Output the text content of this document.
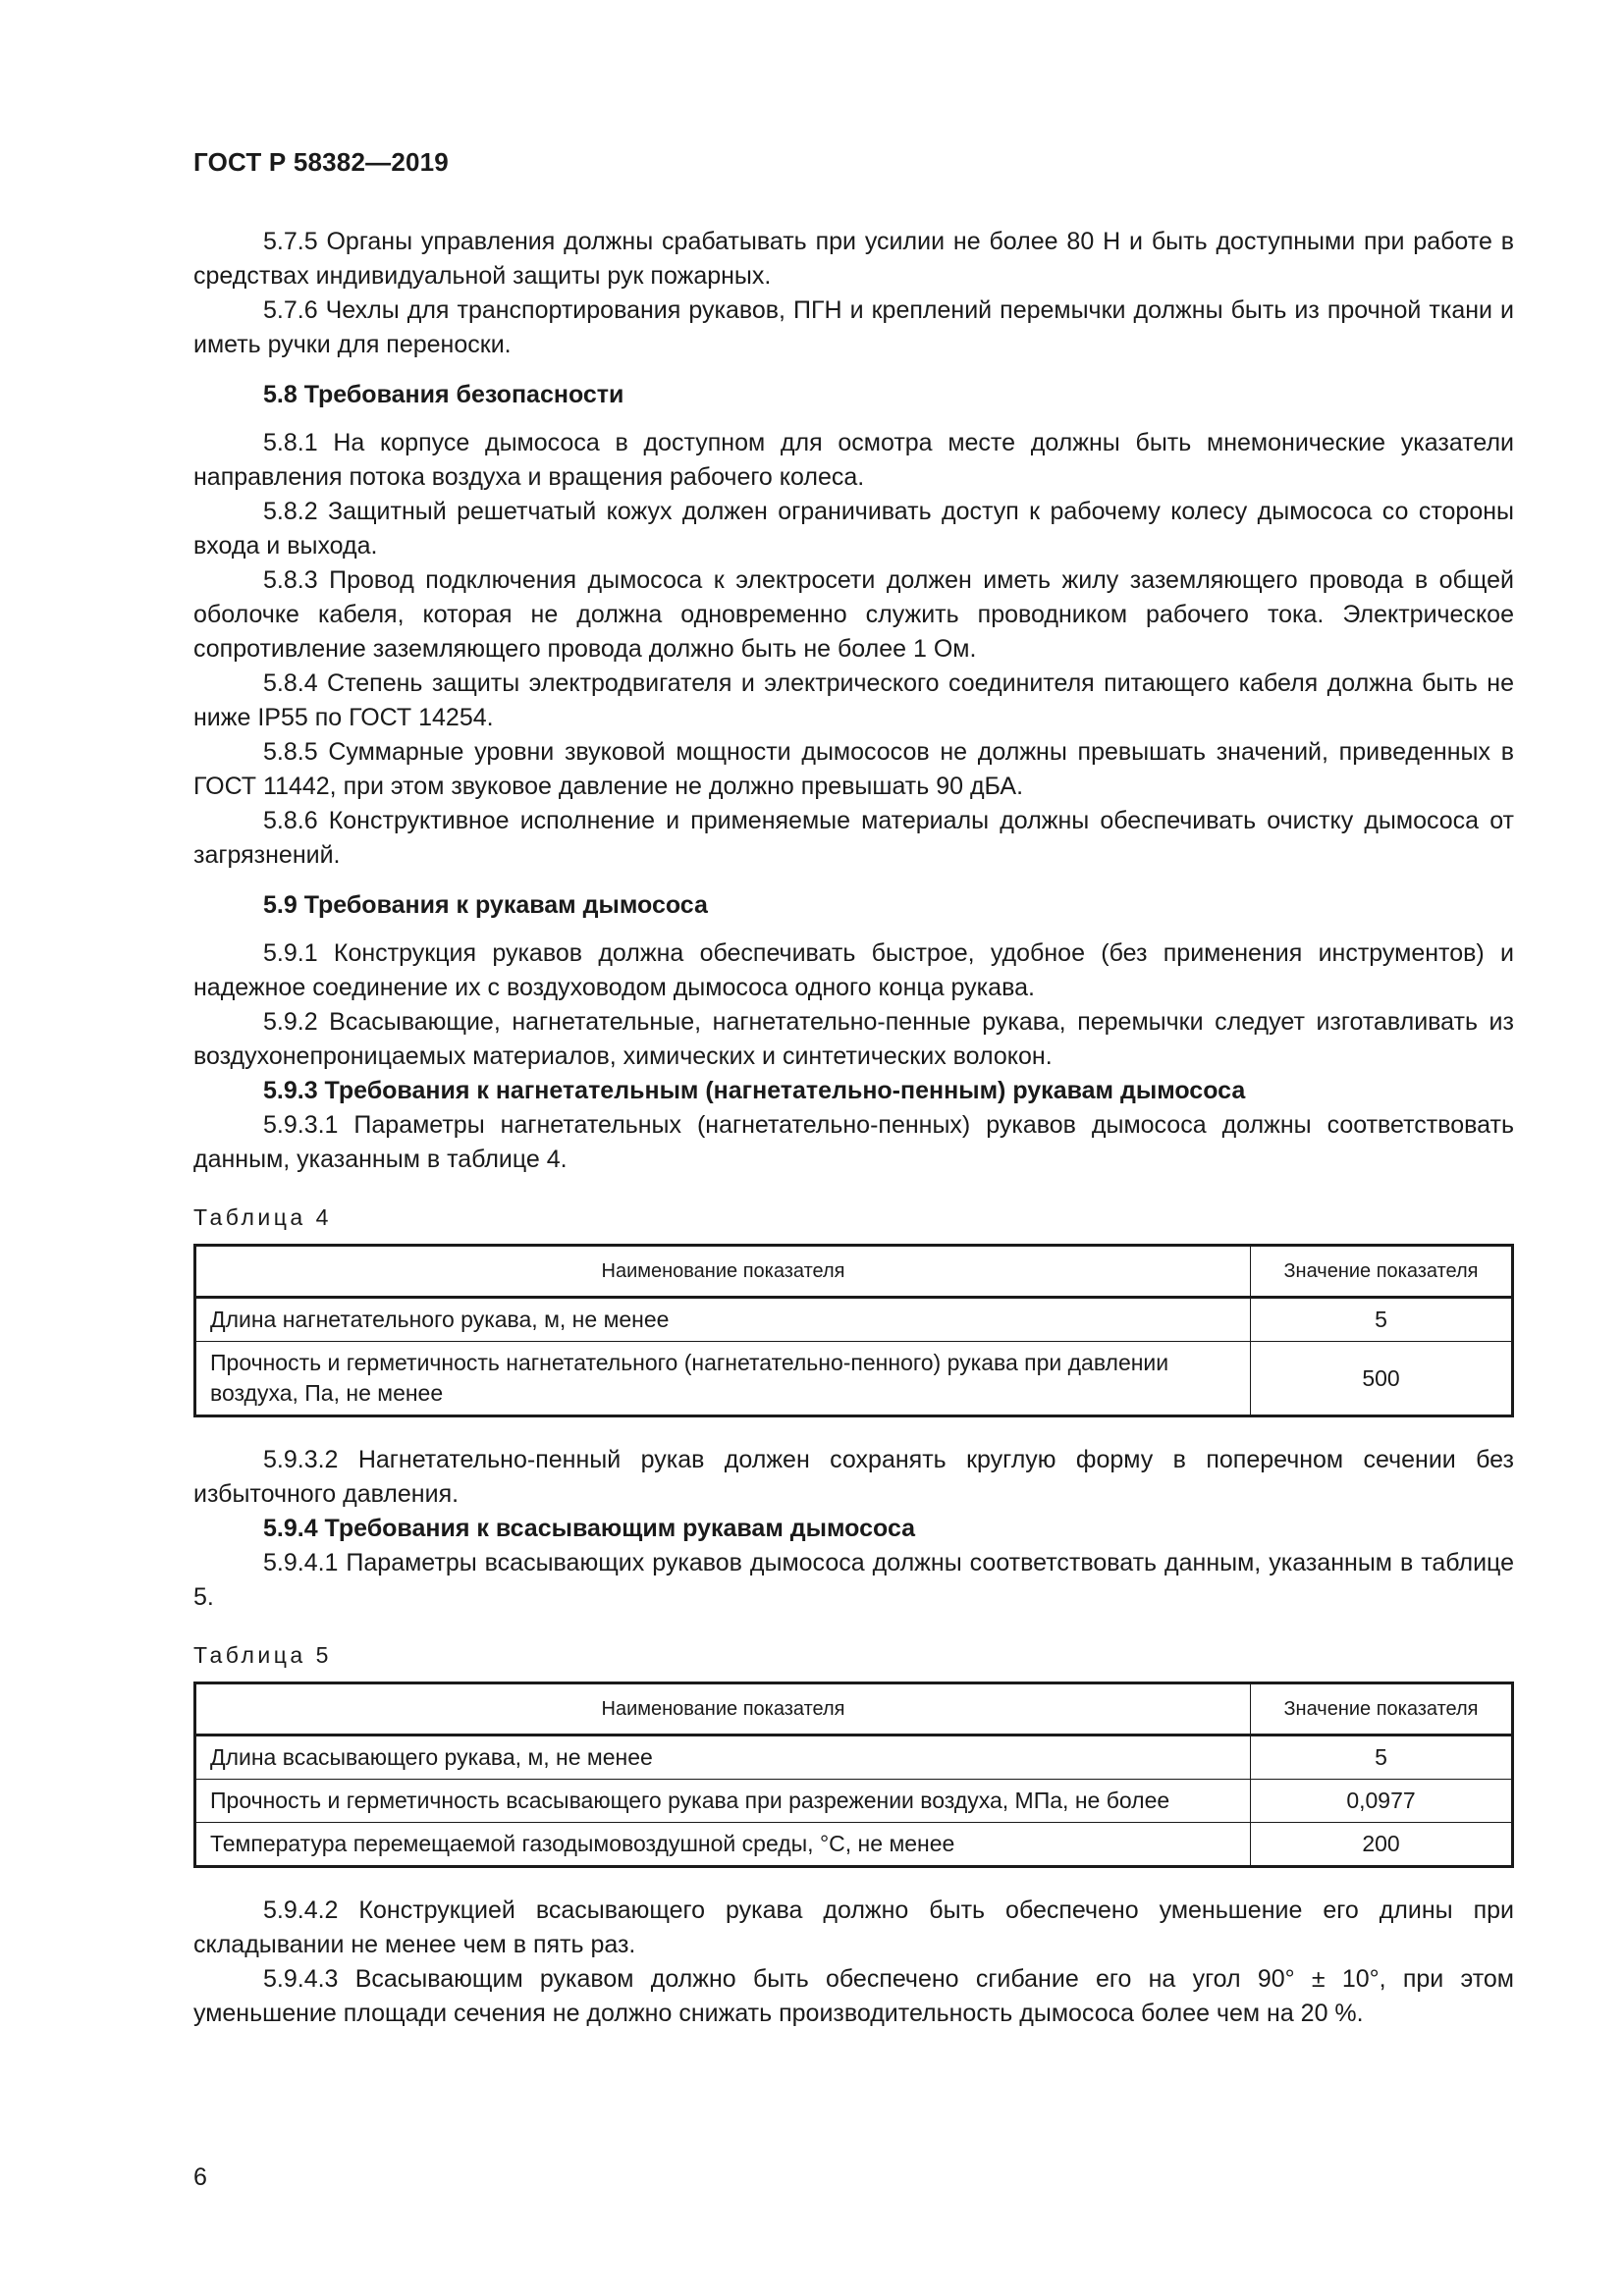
ГОСТ Р 58382—2019

5.7.5 Органы управления должны срабатывать при усилии не более 80 Н и быть доступными при работе в средствах индивидуальной защиты рук пожарных.

5.7.6 Чехлы для транспортирования рукавов, ПГН и креплений перемычки должны быть из прочной ткани и иметь ручки для переноски.

5.8 Требования безопасности

5.8.1 На корпусе дымососа в доступном для осмотра месте должны быть мнемонические указатели направления потока воздуха и вращения рабочего колеса.

5.8.2 Защитный решетчатый кожух должен ограничивать доступ к рабочему колесу дымососа со стороны входа и выхода.

5.8.3 Провод подключения дымососа к электросети должен иметь жилу заземляющего провода в общей оболочке кабеля, которая не должна одновременно служить проводником рабочего тока. Электрическое сопротивление заземляющего провода должно быть не более 1 Ом.

5.8.4 Степень защиты электродвигателя и электрического соединителя питающего кабеля должна быть не ниже IP55 по ГОСТ 14254.

5.8.5 Суммарные уровни звуковой мощности дымососов не должны превышать значений, приведенных в ГОСТ 11442, при этом звуковое давление не должно превышать 90 дБА.

5.8.6 Конструктивное исполнение и применяемые материалы должны обеспечивать очистку дымососа от загрязнений.

5.9 Требования к рукавам дымососа

5.9.1 Конструкция рукавов должна обеспечивать быстрое, удобное (без применения инструментов) и надежное соединение их с воздуховодом дымососа одного конца рукава.

5.9.2 Всасывающие, нагнетательные, нагнетательно-пенные рукава, перемычки следует изготавливать из воздухонепроницаемых материалов, химических и синтетических волокон.

5.9.3 Требования к нагнетательным (нагнетательно-пенным) рукавам дымососа

5.9.3.1 Параметры нагнетательных (нагнетательно-пенных) рукавов дымососа должны соответствовать данным, указанным в таблице 4.

Таблица 4
Наименование показателя	Значение показателя
Длина нагнетательного рукава, м, не менее	5
Прочность и герметичность нагнетательного (нагнетательно-пенного) рукава при давлении воздуха, Па, не менее	500

5.9.3.2 Нагнетательно-пенный рукав должен сохранять круглую форму в поперечном сечении без избыточного давления.

5.9.4 Требования к всасывающим рукавам дымососа

5.9.4.1 Параметры всасывающих рукавов дымососа должны соответствовать данным, указанным в таблице 5.

Таблица 5
Наименование показателя	Значение показателя
Длина всасывающего рукава, м, не менее	5
Прочность и герметичность всасывающего рукава при разрежении воздуха, МПа, не более	0,0977
Температура перемещаемой газодымовоздушной среды, °С, не менее	200

5.9.4.2 Конструкцией всасывающего рукава должно быть обеспечено уменьшение его длины при складывании не менее чем в пять раз.

5.9.4.3 Всасывающим рукавом должно быть обеспечено сгибание его на угол 90° ± 10°, при этом уменьшение площади сечения не должно снижать производительность дымососа более чем на 20 %.

6
